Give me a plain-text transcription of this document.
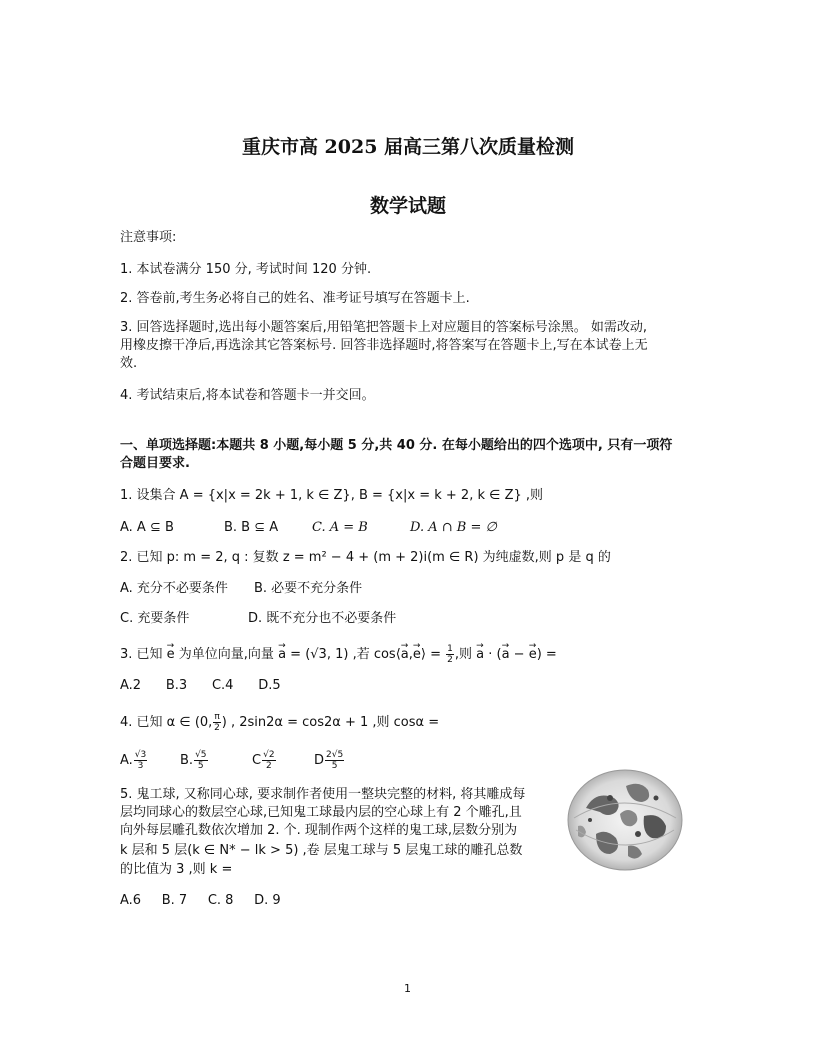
重庆市高 2025 届高三第八次质量检测
数学试题
注意事项:
1. 本试卷满分 150 分, 考试时间 120 分钟.
2. 答卷前,考生务必将自己的姓名、准考证号填写在答题卡上.
3. 回答选择题时,选出每小题答案后,用铅笔把答题卡上对应题目的答案标号涂黑。 如需改动,
用橡皮擦干净后,再选涂其它答案标号. 回答非选择题时,将答案写在答题卡上,写在本试卷上无
效.
4. 考试结束后,将本试卷和答题卡一并交回。
一、单项选择题:本题共 8 小题,每小题 5 分,共 40 分. 在每小题给出的四个选项中, 只有一项符
合题目要求.
1. 设集合 A = {x|x = 2k + 1, k ∈ Z}, B = {x|x = k + 2, k ∈ Z} ,则
A. A ⊆ B	B. B ⊆ A	C. A = B	D. A ∩ B = ∅
2. 已知 p: m = 2, q : 复数 z = m² − 4 + (m + 2)i(m ∈ R) 为纯虚数,则 p 是 q 的
A. 充分不必要条件 B. 必要不充分条件
C. 充要条件	D. 既不充分也不必要条件
3. 已知 → e 为单位向量,向量 → a = (√3, 1) ,若 cos⟨→ a,→ e⟩ = $\frac{1}{2}$ ,则 → a · (→ a − → e) =
A.2      B.3      C.4      D.5
4. 已知 α ∈ (0, $\frac{\pi}{2}$ ) , 2sin2α = cos2α + 1 ,则 cosα =
A. $\frac{√3}{3}$	B. $\frac{√5}{5}$	C $\frac{√2}{2}$	D $\frac{2√5}{5}$
5. 鬼工球, 又称同心球, 要求制作者使用一整块完整的材料, 将其雕成每
层均同球心的数层空心球,已知鬼工球最内层的空心球上有 2 个雕孔,且
向外每层雕孔数依次增加 2. 个. 现制作两个这样的鬼工球,层数分别为
k 层和 5 层(k ∈ N* − lk > 5) ,卷 层鬼工球与 5 层鬼工球的雕孔总数
的比值为 3 ,则 k =
A.6     B. 7     C. 8     D. 9
1
